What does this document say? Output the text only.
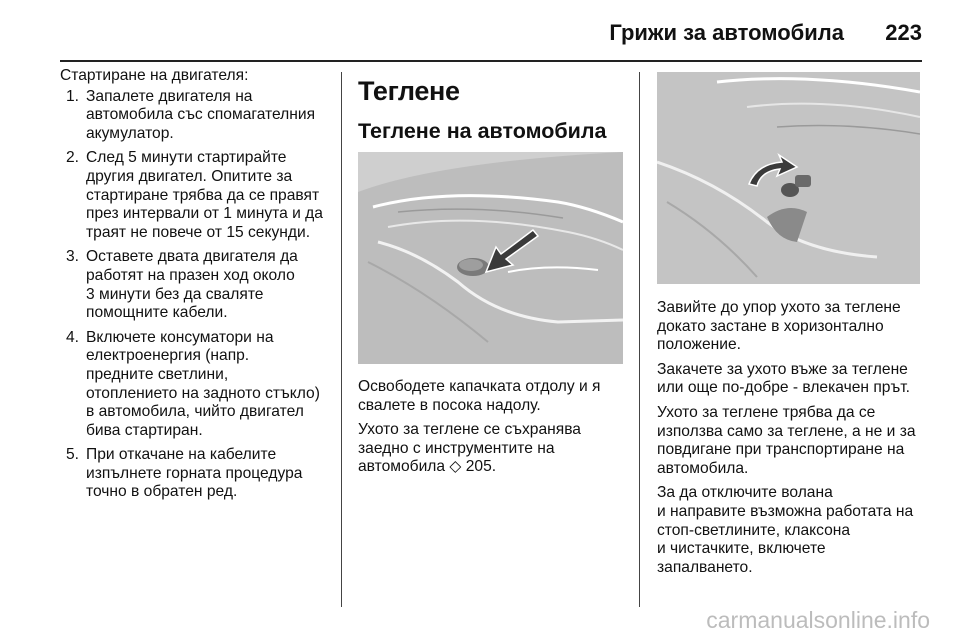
Грижи за автомобила 223

Стартиране на двигателя:

1. Запалете двигателя на
автомобила със спомагателния
акумулатор.
2. След 5 минути стартирайте
другия двигател. Опитите за
стартиране трябва да се правят
през интервали от 1 минута и да
траят не повече от 15 секунди.
3. Оставете двата двигателя да
работят на празен ход около
3 минути без да сваляте
помощните кабели.
4. Включете консуматори на
електроенергия (напр.
предните светлини,
отоплението на задното стъкло)
в автомобила, чийто двигател
бива стартиран.
5. При откачане на кабелите
изпълнете горната процедура
точно в обратен ред.
Теглене
Теглене на автомобила

Освободете капачката отдолу и я
свалете в посока надолу.

Ухото за теглене се съхранява
заедно с инструментите на
автомобила ◇ 205.

Завийте до упор ухото за теглене
докато застане в хоризонтално
положение.

Закачете за ухото въже за теглене
или още по-добре - влекачен прът.

Ухото за теглене трябва да се
използва само за теглене, а не и за
повдигане при транспортиране на
автомобила.

За да отключите волана
и направите възможна работата на
стоп-светлините, клаксона
и чистачките, включете
запалването.

carmanualsonline.info
